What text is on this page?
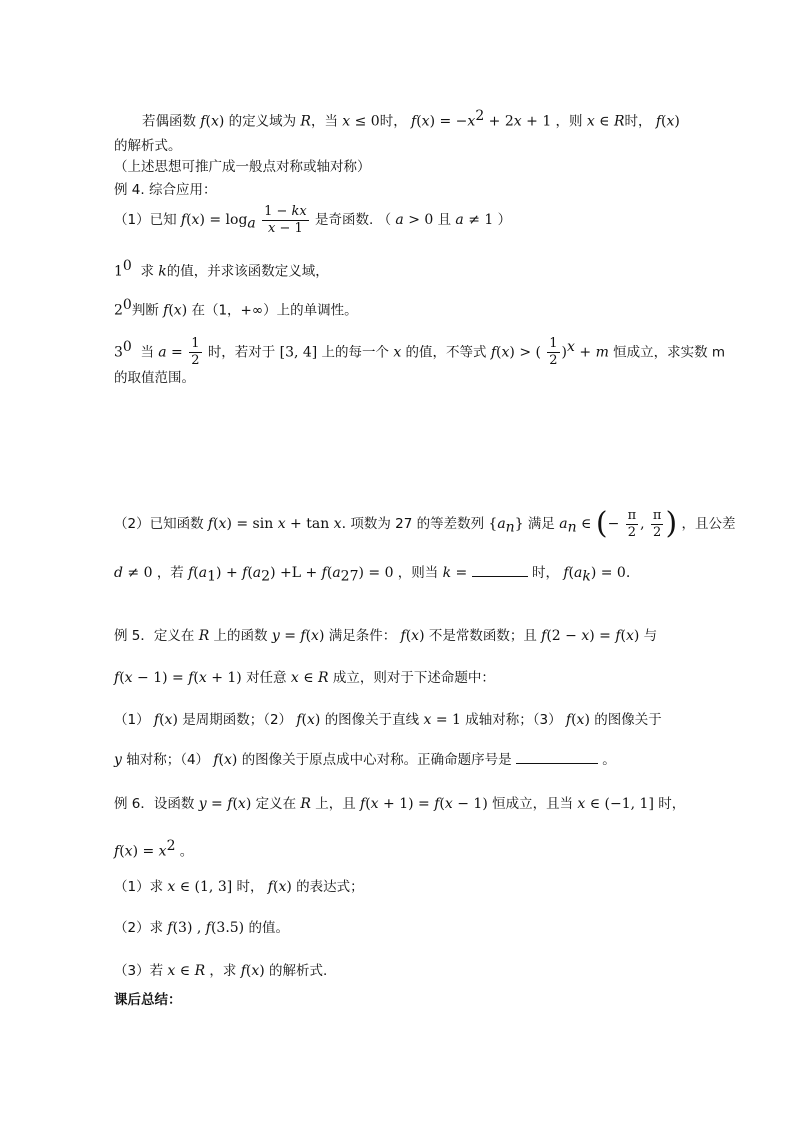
若偶函数 f(x) 的定义域为 R，当 x ≤ 0时， $f(x) = -x^2 + 2x + 1$ ，则 x ∈ R时， f(x)
的解析式。
（上述思想可推广成一般点对称或轴对称）
例 4. 综合应用：
（1）已知 $f(x) = \log_a \frac{1 - kx}{x - 1}$ 是奇函数. （ a > 0 且 a ≠ 1 ）
$1^0$ 求 k的值，并求该函数定义域，
$2^0$判断 f(x) 在（1，+∞）上的单调性。
$3^0$ 当 $a = \frac{1}{2}$ 时，若对于 [3, 4] 上的每一个 x 的值，不等式 f(x) > ( $\frac{1}{2} )^x + m$ 恒成立，求实数 m
的取值范围。
（2）已知函数 f(x) = sin x + tan x. 项数为 27 的等差数列 $\{a_n\}$ 满足 $a_n$ ∈ (− $\frac{\pi}{2}$ , $\frac{\pi}{2}$ ) ，且公差
d ≠ 0 ，若 $f(a_1) + f(a_2) +L + f(a_{27}) = 0$ ，则当 k =	时， $f(a_k) = 0$.
例 5．定义在 R 上的函数 y = f(x) 满足条件： f(x) 不是常数函数；且 f(2 − x) = f(x) 与
f(x − 1) = f(x + 1) 对任意 x ∈ R 成立，则对于下述命题中：
（1） f(x) 是周期函数；（2） f(x) 的图像关于直线 x = 1 成轴对称；（3） f(x) 的图像关于
y 轴对称；（4） f(x) 的图像关于原点成中心对称。正确命题序号是	。
例 6．设函数 y = f(x) 定义在 R 上，且 f(x + 1) = f(x − 1) 恒成立，且当 x ∈ (−1, 1] 时，
$f(x) = x^2$ 。
（1）求 x ∈ (1, 3] 时， f(x) 的表达式；
（2）求 f(3) , f(3.5) 的值。
（3）若 x ∈ R ，求 f(x) 的解析式.
课后总结：
